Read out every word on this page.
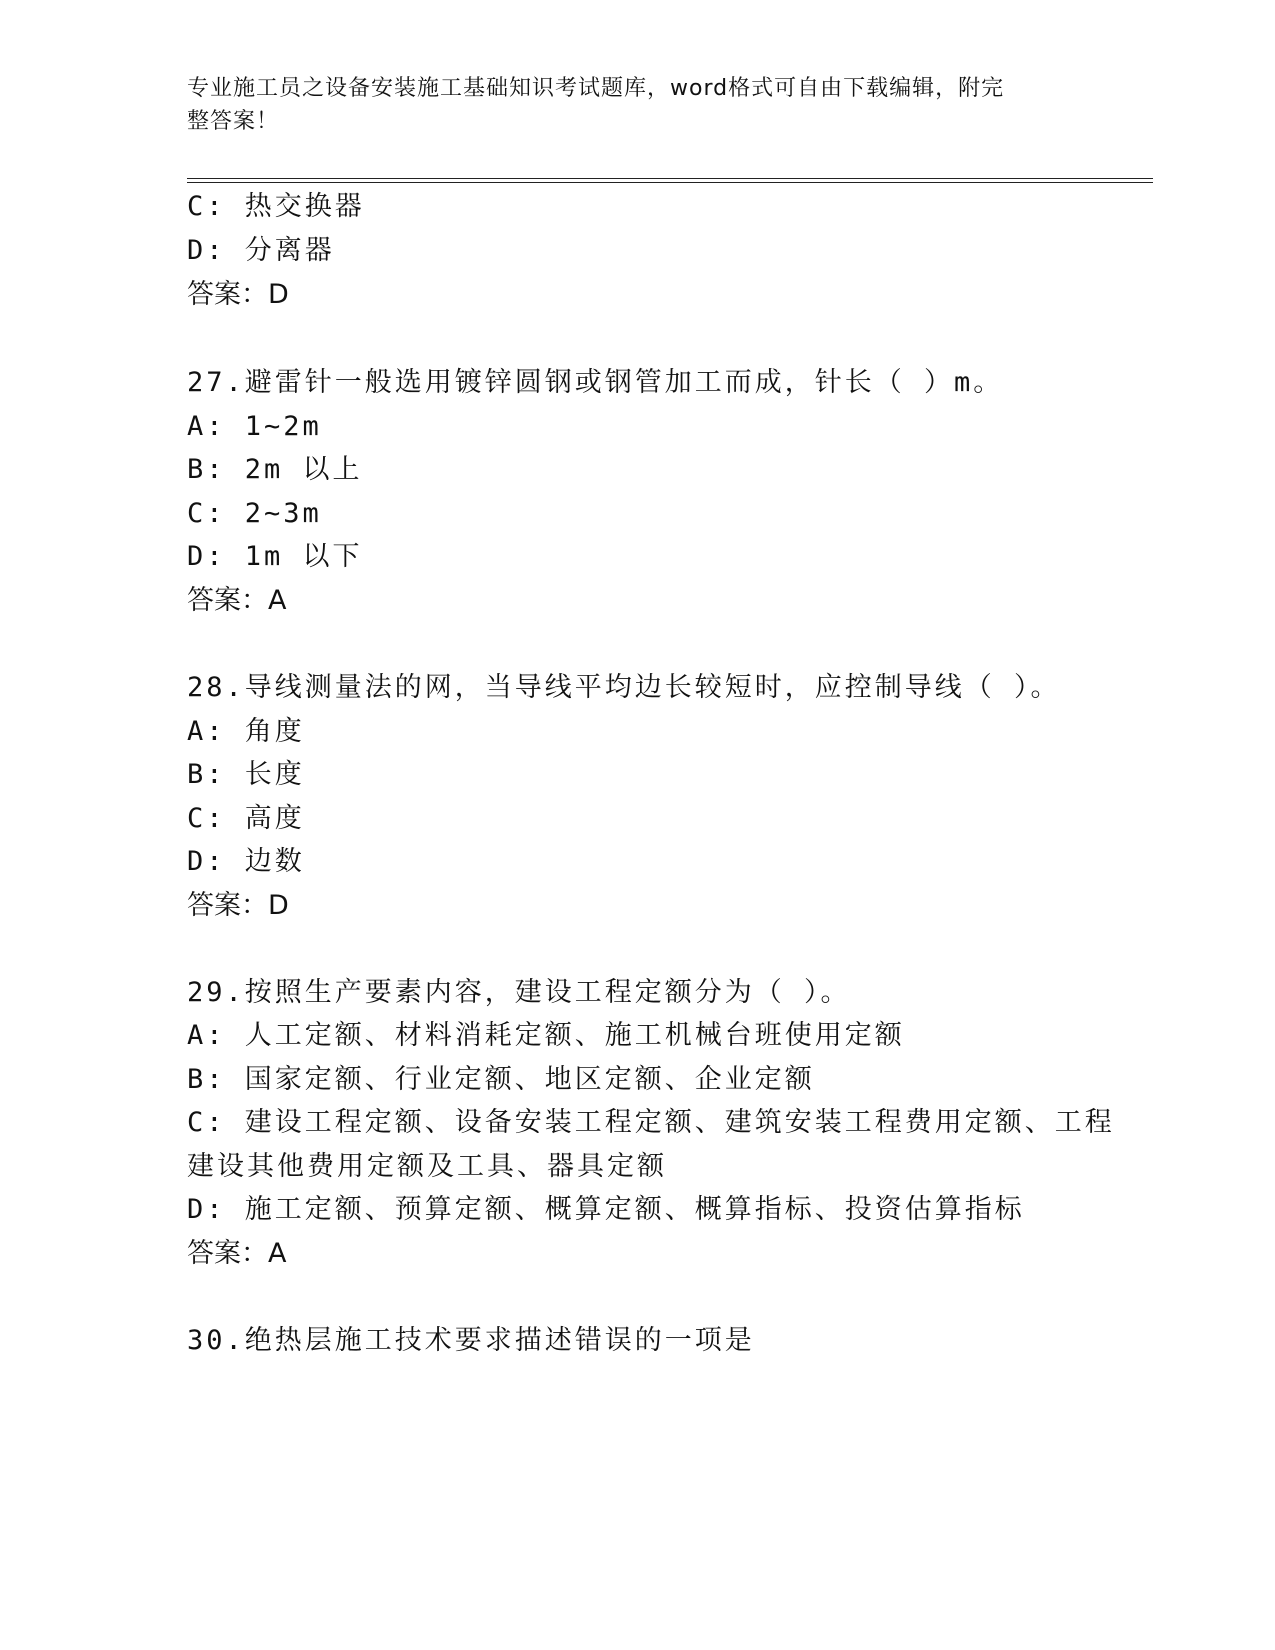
专业施工员之设备安装施工基础知识考试题库，word格式可自由下载编辑，附完
整答案！
C: 热交换器
D: 分离器
答案：D
27.避雷针一般选用镀锌圆钢或钢管加工而成，针长（ ）m。
A: 1~2m
B: 2m 以上
C: 2~3m
D: 1m 以下
答案：A
28.导线测量法的网，当导线平均边长较短时，应控制导线（ ）。
A: 角度
B: 长度
C: 高度
D: 边数
答案：D
29.按照生产要素内容，建设工程定额分为（ ）。
A: 人工定额、材料消耗定额、施工机械台班使用定额
B: 国家定额、行业定额、地区定额、企业定额
C: 建设工程定额、设备安装工程定额、建筑安装工程费用定额、工程
建设其他费用定额及工具、器具定额
D: 施工定额、预算定额、概算定额、概算指标、投资估算指标
答案：A
30.绝热层施工技术要求描述错误的一项是
